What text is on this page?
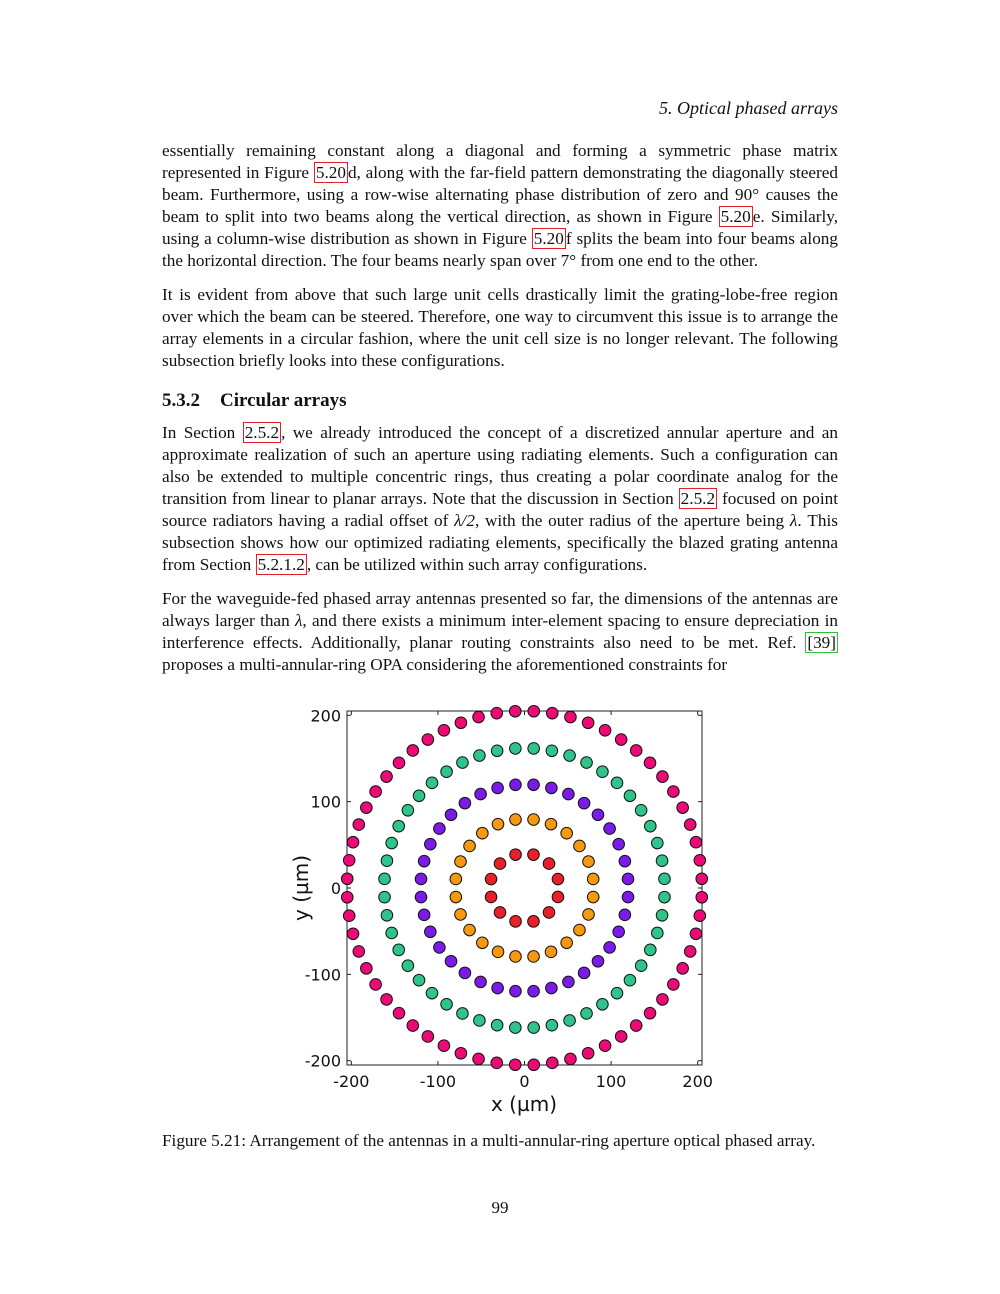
5. Optical phased arrays

essentially remaining constant along a diagonal and forming a symmetric phase matrix represented in Figure 5.20 d, along with the far-field pattern demonstrating the diagonally steered beam. Furthermore, using a row-wise alternating phase distribution of zero and 90° causes the beam to split into two beams along the vertical direction, as shown in Figure 5.20 e. Similarly, using a column-wise distribution as shown in Figure 5.20 f splits the beam into four beams along the horizontal direction. The four beams nearly span over 7° from one end to the other.

It is evident from above that such large unit cells drastically limit the grating-lobe-free region over which the beam can be steered. Therefore, one way to circumvent this issue is to arrange the array elements in a circular fashion, where the unit cell size is no longer relevant. The following subsection briefly looks into these configurations.

5.3.2 Circular arrays

In Section 2.5.2 , we already introduced the concept of a discretized annular aperture and an approximate realization of such an aperture using radiating elements. Such a configuration can also be extended to multiple concentric rings, thus creating a polar coordinate analog for the transition from linear to planar arrays. Note that the discussion in Section 2.5.2 focused on point source radiators having a radial offset of λ/2, with the outer radius of the aperture being λ. This subsection shows how our optimized radiating elements, specifically the blazed grating antenna from Section 5.2.1.2 , can be utilized within such array configurations.

For the waveguide-fed phased array antennas presented so far, the dimensions of the antennas are always larger than λ, and there exists a minimum inter-element spacing to ensure depreciation in interference effects. Additionally, planar routing constraints also need to be met. Ref. [39] proposes a multi-annular-ring OPA considering the aforementioned constraints for

-200	-100	0	100	200
-200
-100
0
100
200
x (µm)
y (µm)
Figure 5.21: Arrangement of the antennas in a multi-annular-ring aperture optical phased array.
99
